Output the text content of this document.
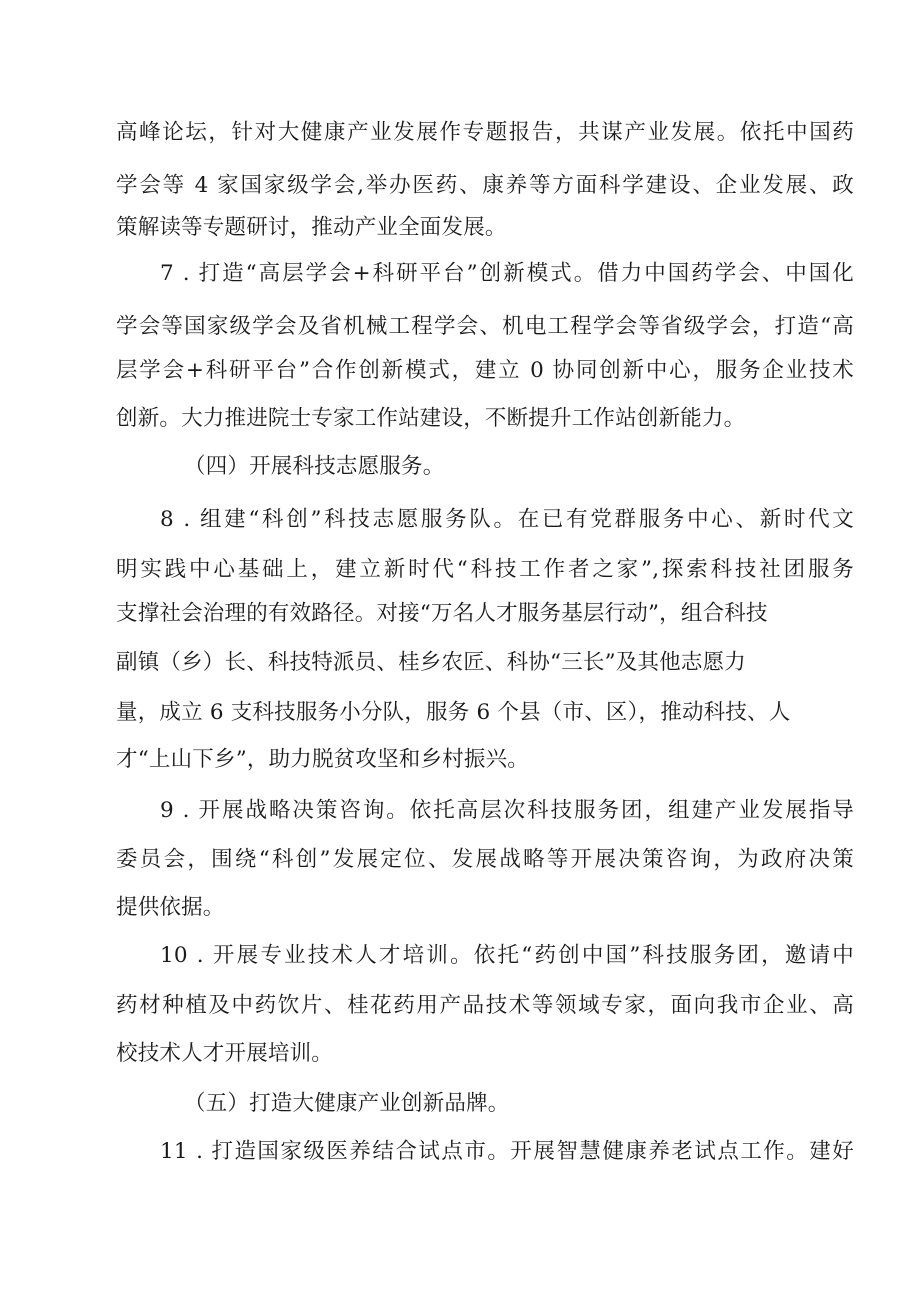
高峰论坛，针对大健康产业发展作专题报告，共谋产业发展。依托中国药

学会等 4 家国家级学会,举办医药、康养等方面科学建设、企业发展、政

策解读等专题研讨，推动产业全面发展。

7 . 打造“高层学会+科研平台”创新模式。借力中国药学会、中国化

学会等国家级学会及省机械工程学会、机电工程学会等省级学会，打造“高

层学会+科研平台”合作创新模式，建立 0 协同创新中心，服务企业技术

创新。大力推进院士专家工作站建设，不断提升工作站创新能力。

（四）开展科技志愿服务。

8 . 组建“科创”科技志愿服务队。在已有党群服务中心、新时代文

明实践中心基础上，建立新时代“科技工作者之家”,探索科技社团服务

支撑社会治理的有效路径。对接“万名人才服务基层行动”，组合科技

副镇（乡）长、科技特派员、桂乡农匠、科协“三长”及其他志愿力

量，成立 6 支科技服务小分队，服务 6 个县（市、区），推动科技、人

才“上山下乡”，助力脱贫攻坚和乡村振兴。

9 . 开展战略决策咨询。依托高层次科技服务团，组建产业发展指导

委员会，围绕“科创”发展定位、发展战略等开展决策咨询，为政府决策

提供依据。

10 . 开展专业技术人才培训。依托“药创中国”科技服务团，邀请中

药材种植及中药饮片、桂花药用产品技术等领域专家，面向我市企业、高

校技术人才开展培训。

（五）打造大健康产业创新品牌。

11 . 打造国家级医养结合试点市。开展智慧健康养老试点工作。建好
